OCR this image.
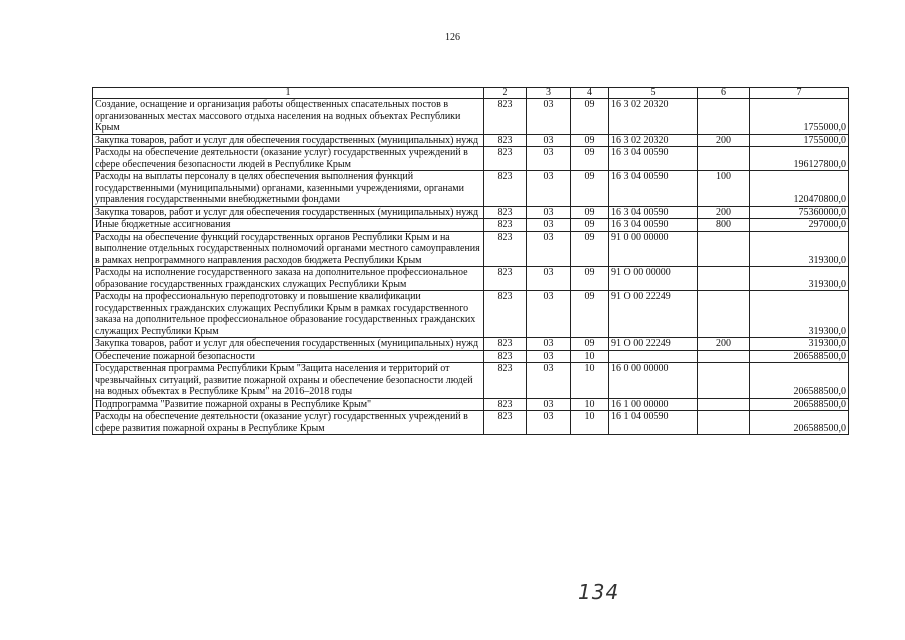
126
1	2	3	4	5	6	7
Создание, оснащение и организация работы общественных спасательных постов в организованных местах массового отдыха населения на водных объектах Республики Крым	823	03	09	16 3 02 20320		1755000,0
Закупка товаров, работ и услуг для обеспечения государственных (муниципальных) нужд	823	03	09	16 3 02 20320	200	1755000,0
Расходы на обеспечение деятельности (оказание услуг) государственных учреждений в сфере обеспечения безопасности людей в Республике Крым	823	03	09	16 3 04 00590		196127800,0
Расходы на выплаты персоналу в целях обеспечения выполнения функций государственными (муниципальными) органами, казенными учреждениями, органами управления государственными внебюджетными фондами	823	03	09	16 3 04 00590	100	120470800,0
Закупка товаров, работ и услуг для обеспечения государственных (муниципальных) нужд	823	03	09	16 3 04 00590	200	75360000,0
Иные бюджетные ассигнования	823	03	09	16 3 04 00590	800	297000,0
Расходы на обеспечение функций государственных органов Республики Крым и на выполнение отдельных государственных полномочий органами местного самоуправления в рамках непрограммного направления расходов бюджета Республики Крым	823	03	09	91 0 00 00000		319300,0
Расходы на исполнение государственного заказа на дополнительное профессиональное образование государственных гражданских служащих Республики Крым	823	03	09	91 О 00 00000		319300,0
Расходы на профессиональную переподготовку и повышение квалификации государственных гражданских служащих Республики Крым в рамках государственного заказа на дополнительное профессиональное образование государственных гражданских служащих Республики Крым	823	03	09	91 О 00 22249		319300,0
Закупка товаров, работ и услуг для обеспечения государственных (муниципальных) нужд	823	03	09	91 О 00 22249	200	319300,0
Обеспечение пожарной безопасности	823	03	10			206588500,0
Государственная программа Республики Крым "Защита населения и территорий от чрезвычайных ситуаций, развитие пожарной охраны и обеспечение безопасности людей на водных объектах в Республике Крым" на 2016–2018 годы	823	03	10	16 0 00 00000		206588500,0
Подпрограмма "Развитие пожарной охраны в Республике Крым"	823	03	10	16 1 00 00000		206588500,0
Расходы на обеспечение деятельности (оказание услуг) государственных учреждений в сфере развития пожарной охраны в Республике Крым	823	03	10	16 1 04 00590		206588500,0
134
